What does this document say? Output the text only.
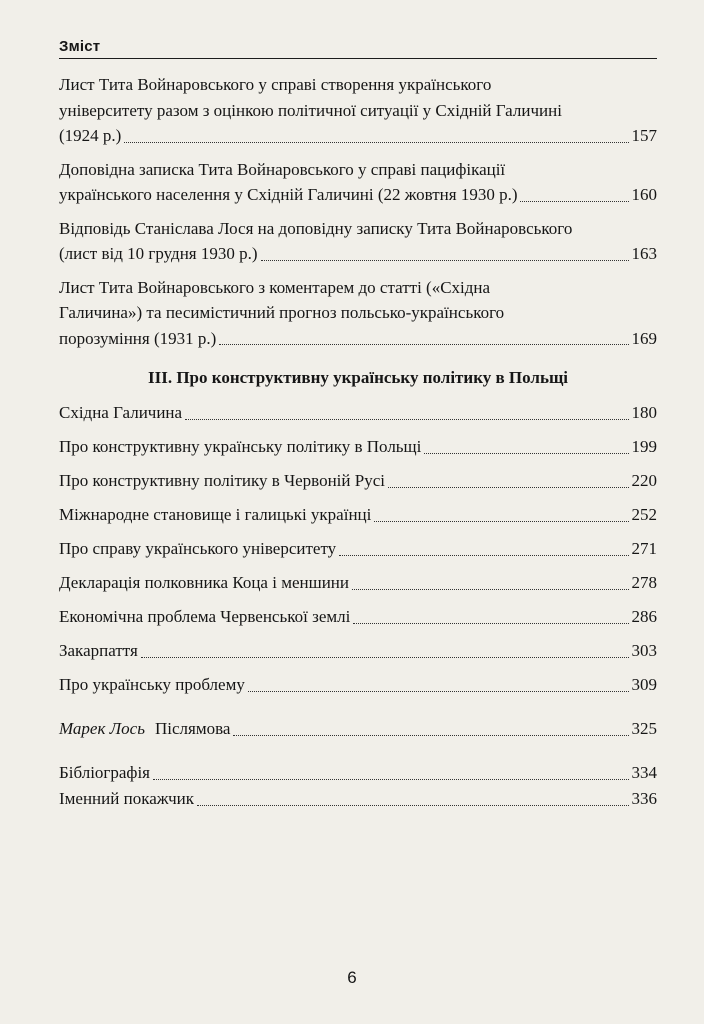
Зміст
Лист Тита Войнаровського у справі створення українського
університету разом з оцінкою політичної ситуації у Східній Галичині
(1924 р.)	157
Доповідна записка Тита Войнаровського у справі пацифікації
українського населення у Східній Галичині (22 жовтня 1930 р.)	160
Відповідь Станіслава Лося на доповідну записку Тита Войнаровського
(лист від 10 грудня 1930 р.)	163
Лист Тита Войнаровського з коментарем до статті («Східна
Галичина») та песимістичний прогноз польсько-українського
порозуміння (1931 р.)	169
ІІІ. Про конструктивну українську політику в Польщі
Східна Галичина	180
Про конструктивну українську політику в Польщі	199
Про конструктивну політику в Червоній Русі	220
Міжнародне становище і галицькі українці	252
Про справу українського університету	271
Декларація полковника Коца і меншини	278
Економічна проблема Червенської землі	286
Закарпаття	303
Про українську проблему	309
Марек Лось Післямова	325
Бібліографія	334
Іменний покажчик	336
6
